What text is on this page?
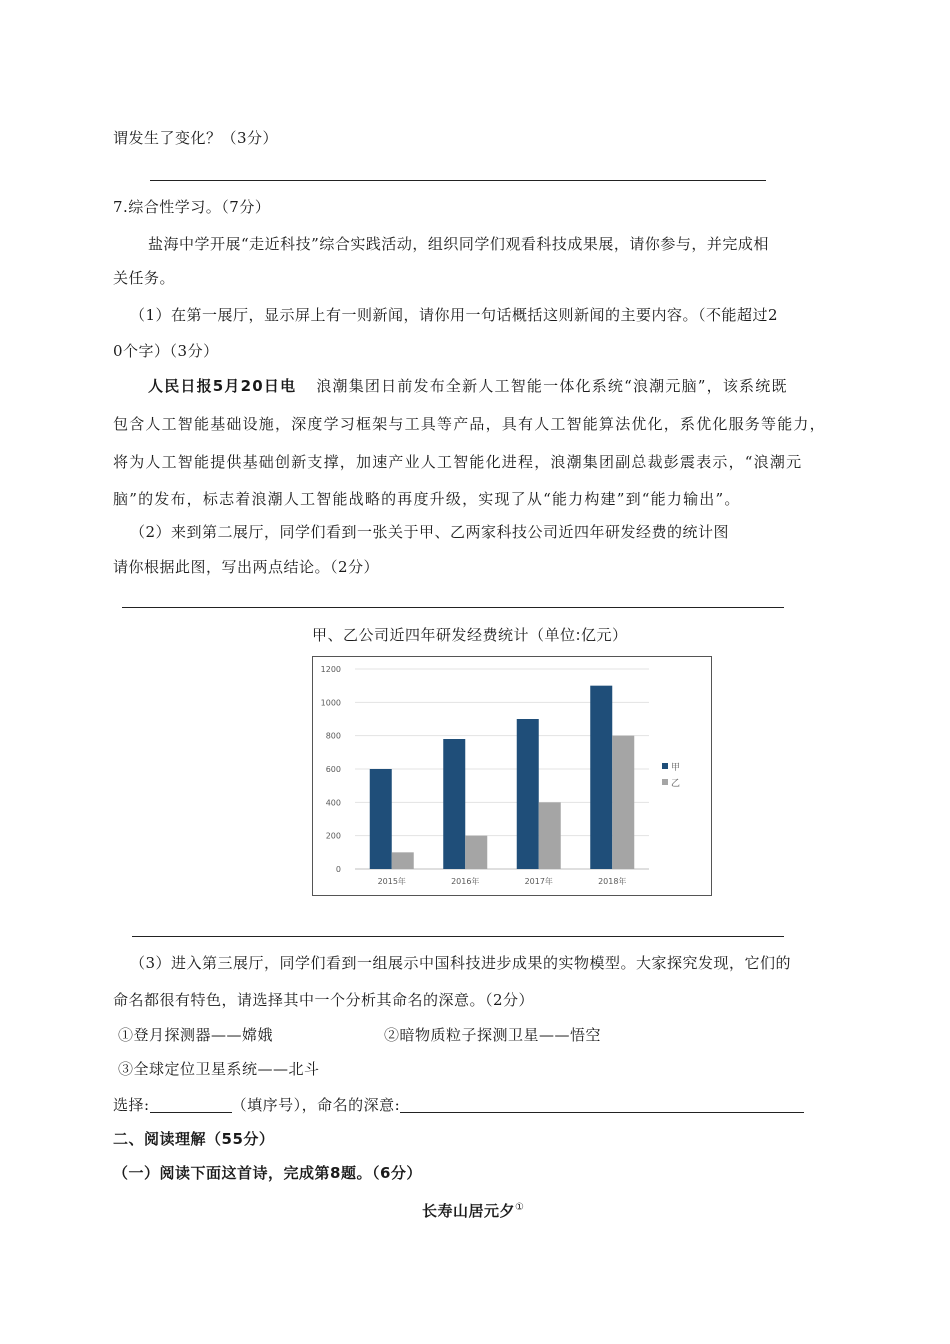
谓发生了变化？（3分）
7.综合性学习。（7分）
盐海中学开展“走近科技”综合实践活动，组织同学们观看科技成果展，请你参与，并完成相
关任务。
（1）在第一展厅，显示屏上有一则新闻，请你用一句话概括这则新闻的主要内容。（不能超过2
0个字）（3分）
人民日报5月20日电 浪潮集团日前发布全新人工智能一体化系统“浪潮元脑”，该系统既
包含人工智能基础设施，深度学习框架与工具等产品，具有人工智能算法优化，系优化服务等能力，
将为人工智能提供基础创新支撑，加速产业人工智能化进程，浪潮集团副总裁彭震表示，“浪潮元
脑”的发布，标志着浪潮人工智能战略的再度升级，实现了从“能力构建”到“能力输出”。
（2）来到第二展厅，同学们看到一张关于甲、乙两家科技公司近四年研发经费的统计图
请你根据此图，写出两点结论。（2分）
甲、乙公司近四年研发经费统计（单位:亿元）
0
200
400
600
800
1000
1200
2015年	2016年	2017年	2018年
甲
乙
（3）进入第三展厅，同学们看到一组展示中国科技进步成果的实物模型。大家探究发现，它们的
命名都很有特色，请选择其中一个分析其命名的深意。（2分）
①登月探测器——嫦娥	②暗物质粒子探测卫星——悟空
③全球定位卫星系统——北斗
选择:	（填序号），命名的深意:
二、阅读理解（55分）
（一）阅读下面这首诗，完成第8题。（6分）
长寿山居元夕①
